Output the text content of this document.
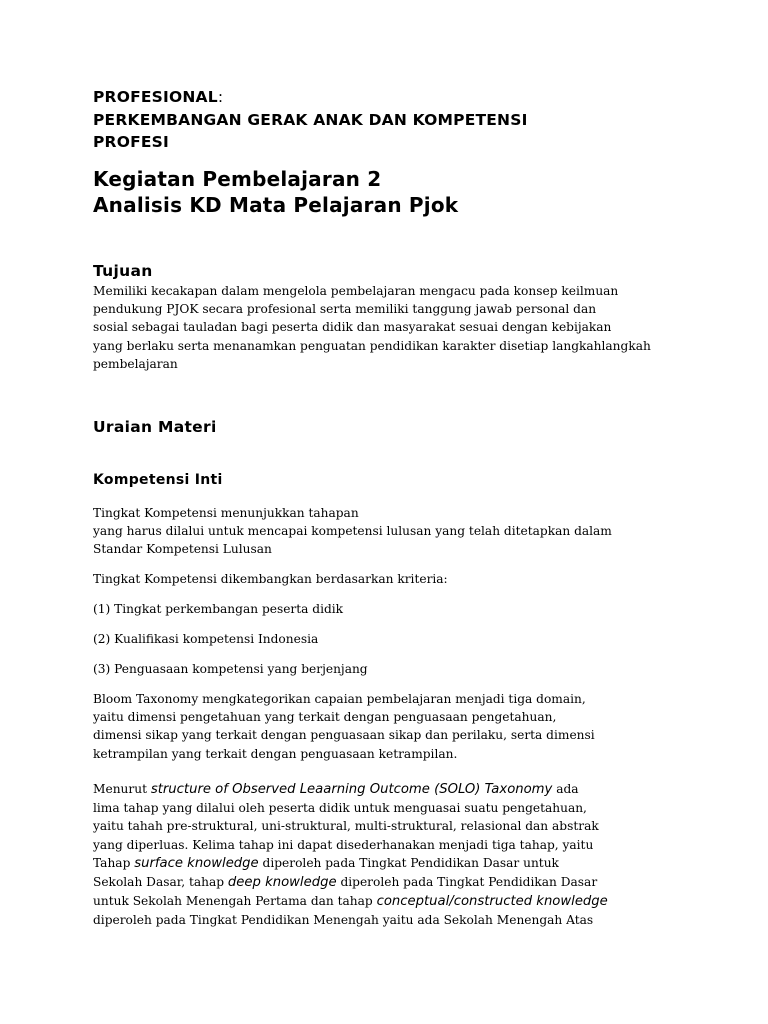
PROFESIONAL:
PERKEMBANGAN GERAK ANAK DAN KOMPETENSI
PROFESI
Kegiatan Pembelajaran 2
Analisis KD Mata Pelajaran Pjok
Tujuan
Memiliki kecakapan dalam mengelola pembelajaran mengacu pada konsep keilmuan
pendukung PJOK secara profesional serta memiliki tanggung jawab personal dan
sosial sebagai tauladan bagi peserta didik dan masyarakat sesuai dengan kebijakan
yang berlaku serta menanamkan penguatan pendidikan karakter disetiap langkahlangkah
pembelajaran
Uraian Materi
Kompetensi Inti
Tingkat Kompetensi menunjukkan tahapan
yang harus dilalui untuk mencapai kompetensi lulusan yang telah ditetapkan dalam
Standar Kompetensi Lulusan
Tingkat Kompetensi dikembangkan berdasarkan kriteria:
(1) Tingkat perkembangan peserta didik
(2) Kualifikasi kompetensi Indonesia
(3) Penguasaan kompetensi yang berjenjang
Bloom Taxonomy mengkategorikan capaian pembelajaran menjadi tiga domain,
yaitu dimensi pengetahuan yang terkait dengan penguasaan pengetahuan,
dimensi sikap yang terkait dengan penguasaan sikap dan perilaku, serta dimensi
ketrampilan yang terkait dengan penguasaan ketrampilan.
Menurut structure of Observed Leaarning Outcome (SOLO) Taxonomy ada
lima tahap yang dilalui oleh peserta didik untuk menguasai suatu pengetahuan,
yaitu tahah pre-struktural, uni-struktural, multi-struktural, relasional dan abstrak
yang diperluas. Kelima tahap ini dapat disederhanakan menjadi tiga tahap, yaitu
Tahap surface knowledge diperoleh pada Tingkat Pendidikan Dasar untuk
Sekolah Dasar, tahap deep knowledge diperoleh pada Tingkat Pendidikan Dasar
untuk Sekolah Menengah Pertama dan tahap conceptual/constructed knowledge
diperoleh pada Tingkat Pendidikan Menengah yaitu ada Sekolah Menengah Atas
